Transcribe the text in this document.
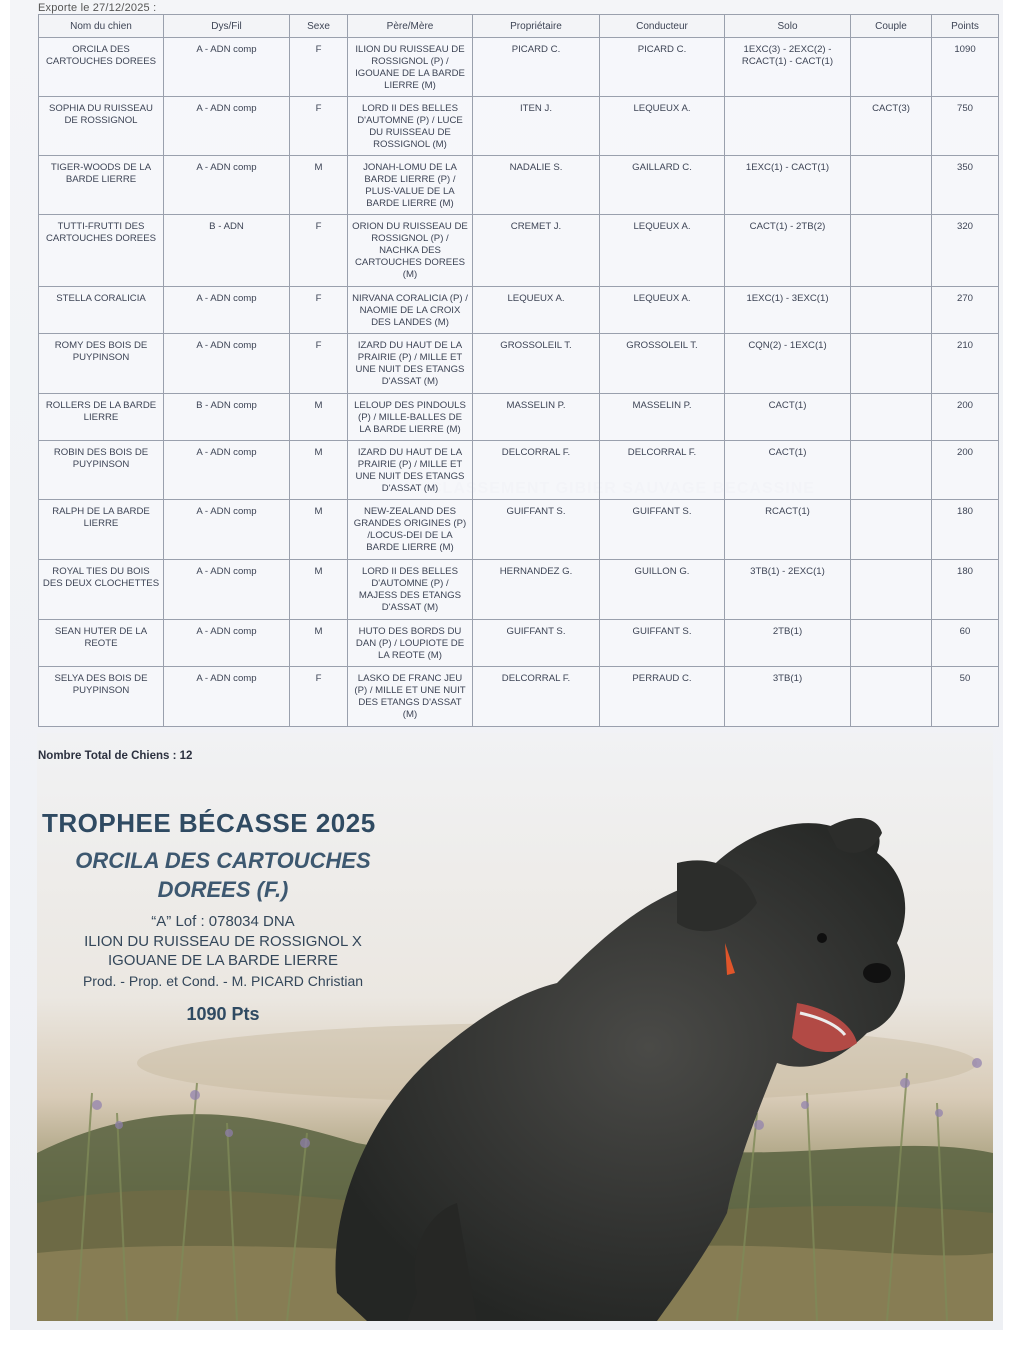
Exporte le 27/12/2025 :
Nom du chien	Dys/Fil	Sexe	Père/Mère	Propriétaire	Conducteur	Solo	Couple	Points
ORCILA DES CARTOUCHES DOREES	A - ADN comp	F	ILION DU RUISSEAU DE ROSSIGNOL (P) / IGOUANE DE LA BARDE LIERRE (M)	PICARD C.	PICARD C.	1EXC(3) - 2EXC(2) - RCACT(1) - CACT(1)		1090
SOPHIA DU RUISSEAU DE ROSSIGNOL	A - ADN comp	F	LORD II DES BELLES D'AUTOMNE (P) / LUCE DU RUISSEAU DE ROSSIGNOL (M)	ITEN J.	LEQUEUX A.		CACT(3)	750
TIGER-WOODS DE LA BARDE LIERRE	A - ADN comp	M	JONAH-LOMU DE LA BARDE LIERRE (P) / PLUS-VALUE DE LA BARDE LIERRE (M)	NADALIE S.	GAILLARD C.	1EXC(1) - CACT(1)		350
TUTTI-FRUTTI DES CARTOUCHES DOREES	B - ADN	F	ORION DU RUISSEAU DE ROSSIGNOL (P) / NACHKA DES CARTOUCHES DOREES (M)	CREMET J.	LEQUEUX A.	CACT(1) - 2TB(2)		320
STELLA CORALICIA	A - ADN comp	F	NIRVANA CORALICIA (P) / NAOMIE DE LA CROIX DES LANDES (M)	LEQUEUX A.	LEQUEUX A.	1EXC(1) - 3EXC(1)		270
ROMY DES BOIS DE PUYPINSON	A - ADN comp	F	IZARD DU HAUT DE LA PRAIRIE (P) / MILLE ET UNE NUIT DES ETANGS D'ASSAT (M)	GROSSOLEIL T.	GROSSOLEIL T.	CQN(2) - 1EXC(1)		210
ROLLERS DE LA BARDE LIERRE	B - ADN comp	M	LELOUP DES PINDOULS (P) / MILLE-BALLES DE LA BARDE LIERRE (M)	MASSELIN P.	MASSELIN P.	CACT(1)		200
ROBIN DES BOIS DE PUYPINSON	A - ADN comp	M	IZARD DU HAUT DE LA PRAIRIE (P) / MILLE ET UNE NUIT DES ETANGS D'ASSAT (M)	DELCORRAL F.	DELCORRAL F.	CACT(1)		200
RALPH DE LA BARDE LIERRE	A - ADN comp	M	NEW-ZEALAND DES GRANDES ORIGINES (P) /LOCUS-DEI DE LA BARDE LIERRE (M)	GUIFFANT S.	GUIFFANT S.	RCACT(1)		180
ROYAL TIES DU BOIS DES DEUX CLOCHETTES	A - ADN comp	M	LORD II DES BELLES D'AUTOMNE (P) / MAJESS DES ETANGS D'ASSAT (M)	HERNANDEZ G.	GUILLON G.	3TB(1) - 2EXC(1)		180
SEAN HUTER DE LA REOTE	A - ADN comp	M	HUTO DES BORDS DU DAN (P) / LOUPIOTE DE LA REOTE (M)	GUIFFANT S.	GUIFFANT S.	2TB(1)		60
SELYA DES BOIS DE PUYPINSON	A - ADN comp	F	LASKO DE FRANC JEU (P) / MILLE ET UNE NUIT DES ETANGS D'ASSAT (M)	DELCORRAL F.	PERRAUD C.	3TB(1)		50
Nombre Total de Chiens : 12
TROPHEE BÉCASSE 2025
ORCILA DES CARTOUCHES
DOREES (F.)
“A” Lof : 078034 DNA
ILION DU RUISSEAU DE ROSSIGNOL X
IGOUANE DE LA BARDE LIERRE
Prod. - Prop. et Cond. - M. PICARD Christian
1090 Pts
